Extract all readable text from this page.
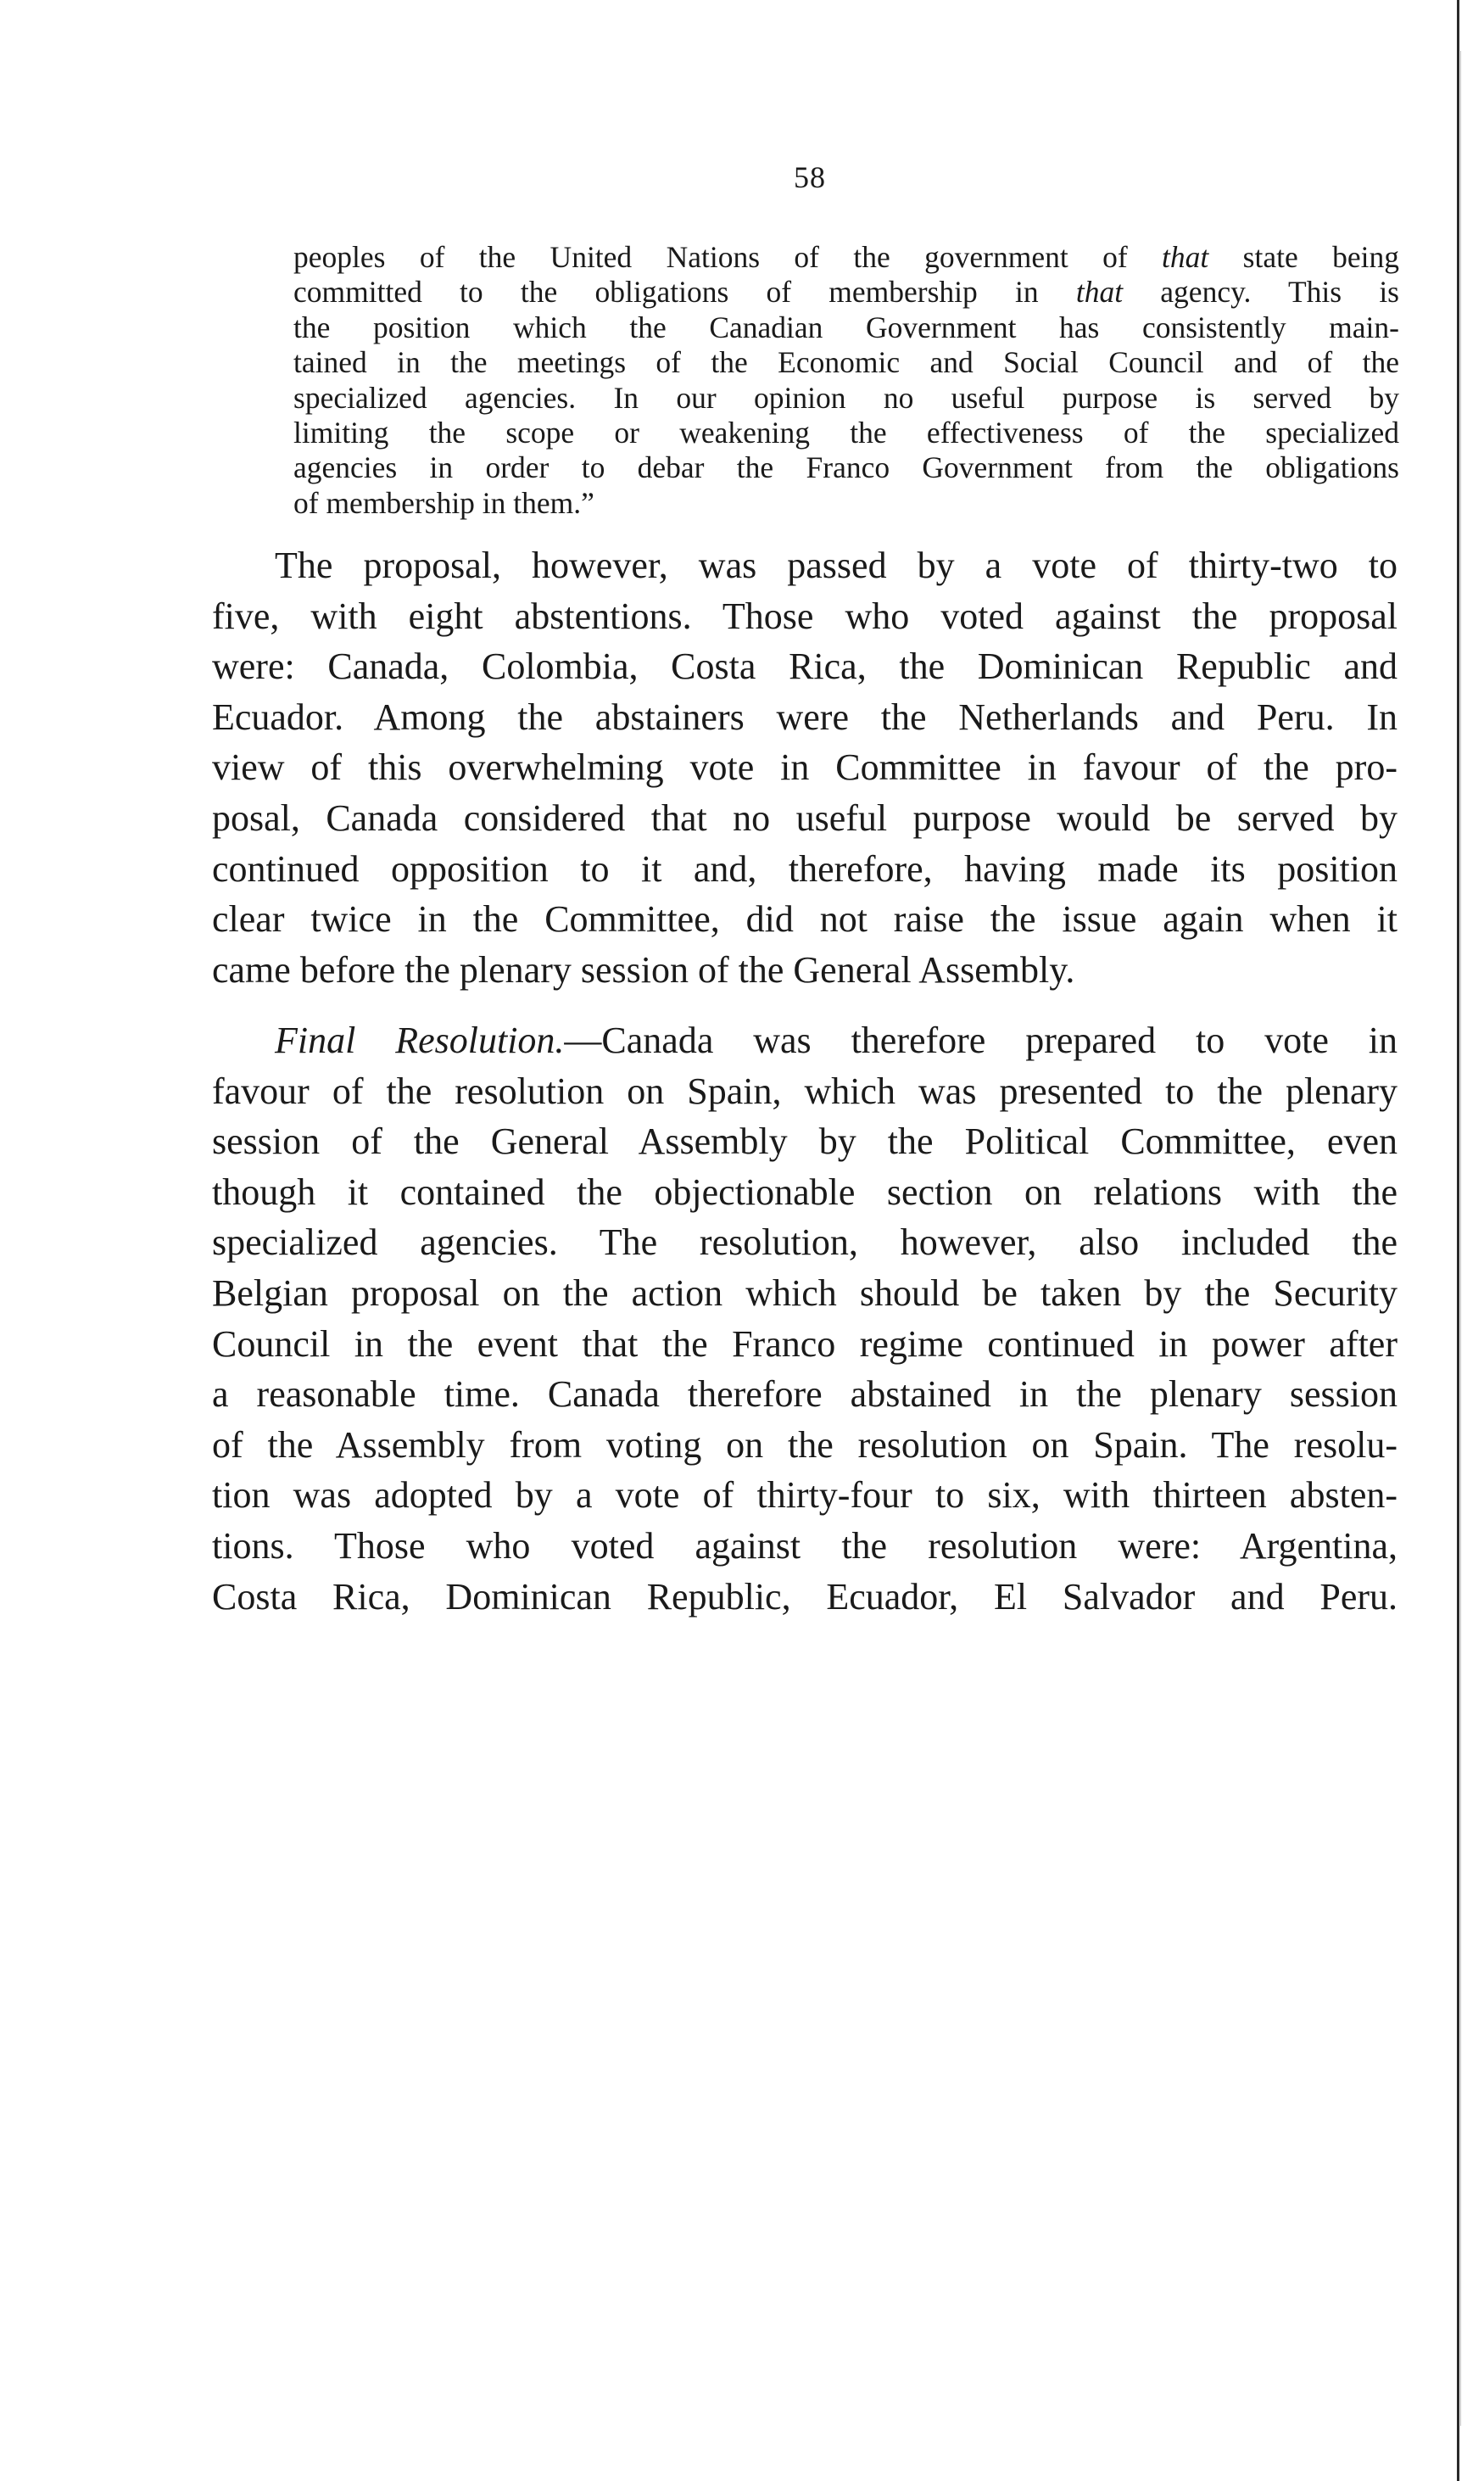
58
peoples of the United Nations of the government of that state being
committed to the obligations of membership in that agency. This is
the position which the Canadian Government has consistently main-
tained in the meetings of the Economic and Social Council and of the
specialized agencies. In our opinion no useful purpose is served by
limiting the scope or weakening the effectiveness of the specialized
agencies in order to debar the Franco Government from the obligations
of membership in them.”
The proposal, however, was passed by a vote of thirty-two to
five, with eight abstentions. Those who voted against the proposal
were: Canada, Colombia, Costa Rica, the Dominican Republic and
Ecuador. Among the abstainers were the Netherlands and Peru. In
view of this overwhelming vote in Committee in favour of the pro-
posal, Canada considered that no useful purpose would be served by
continued opposition to it and, therefore, having made its position
clear twice in the Committee, did not raise the issue again when it
came before the plenary session of the General Assembly.
Final Resolution.—Canada was therefore prepared to vote in
favour of the resolution on Spain, which was presented to the plenary
session of the General Assembly by the Political Committee, even
though it contained the objectionable section on relations with the
specialized agencies. The resolution, however, also included the
Belgian proposal on the action which should be taken by the Security
Council in the event that the Franco regime continued in power after
a reasonable time. Canada therefore abstained in the plenary session
of the Assembly from voting on the resolution on Spain. The resolu-
tion was adopted by a vote of thirty-four to six, with thirteen absten-
tions. Those who voted against the resolution were: Argentina,
Costa Rica, Dominican Republic, Ecuador, El Salvador and Peru.
